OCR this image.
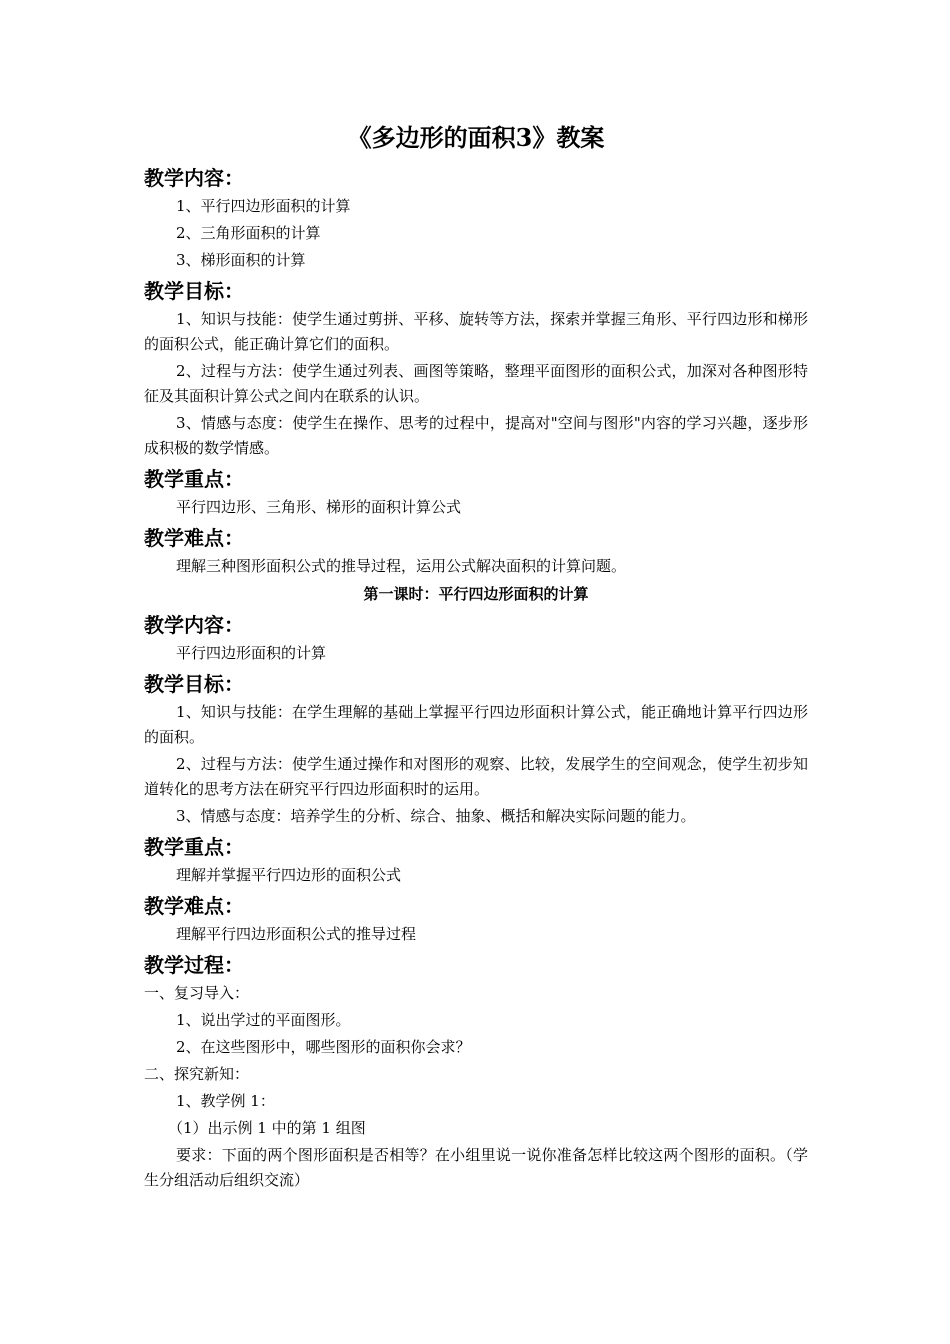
《多边形的面积3》教案
教学内容：
1、平行四边形面积的计算
2、三角形面积的计算
3、梯形面积的计算
教学目标：
1、知识与技能：使学生通过剪拼、平移、旋转等方法，探索并掌握三角形、平行四边形和梯形的面积公式，能正确计算它们的面积。
2、过程与方法：使学生通过列表、画图等策略，整理平面图形的面积公式，加深对各种图形特征及其面积计算公式之间内在联系的认识。
3、情感与态度：使学生在操作、思考的过程中，提高对"空间与图形"内容的学习兴趣，逐步形成积极的数学情感。
教学重点：
平行四边形、三角形、梯形的面积计算公式
教学难点：
理解三种图形面积公式的推导过程，运用公式解决面积的计算问题。
第一课时：平行四边形面积的计算
教学内容：
平行四边形面积的计算
教学目标：
1、知识与技能：在学生理解的基础上掌握平行四边形面积计算公式，能正确地计算平行四边形的面积。
2、过程与方法：使学生通过操作和对图形的观察、比较，发展学生的空间观念，使学生初步知道转化的思考方法在研究平行四边形面积时的运用。
3、情感与态度：培养学生的分析、综合、抽象、概括和解决实际问题的能力。
教学重点：
理解并掌握平行四边形的面积公式
教学难点：
理解平行四边形面积公式的推导过程
教学过程：
一、复习导入：
1、说出学过的平面图形。
2、在这些图形中，哪些图形的面积你会求？
二、探究新知：
1、教学例 1：
（1）出示例 1 中的第 1 组图
要求：下面的两个图形面积是否相等？在小组里说一说你准备怎样比较这两个图形的面积。（学生分组活动后组织交流）
